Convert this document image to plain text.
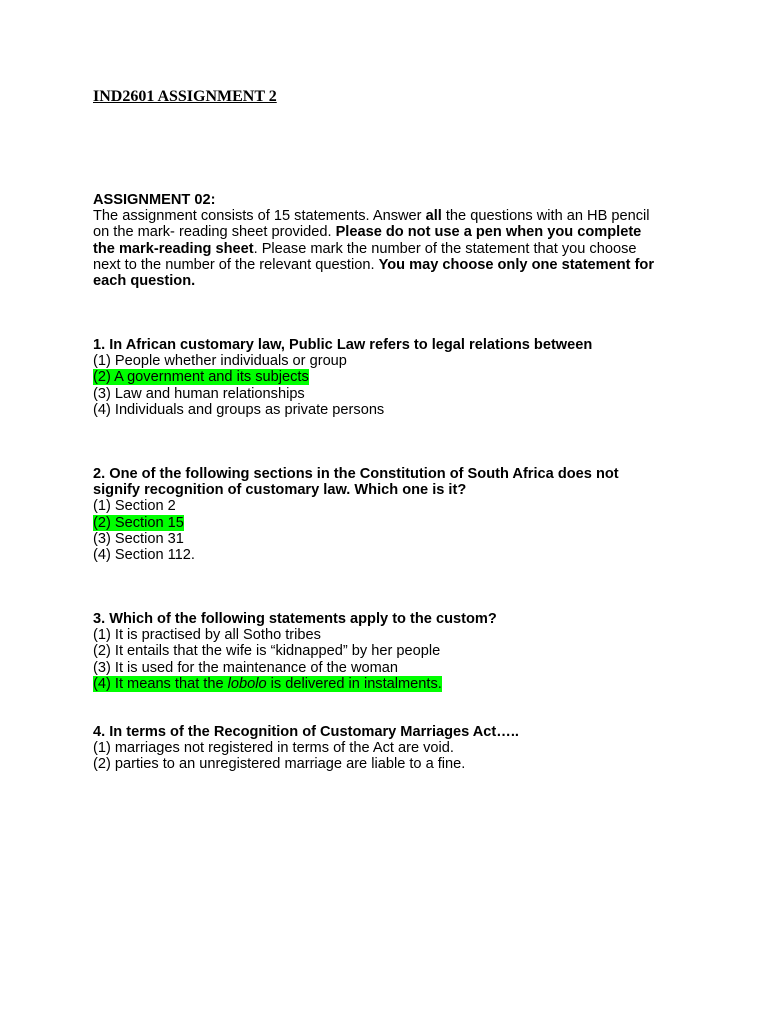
IND2601 ASSIGNMENT 2
ASSIGNMENT 02:
The assignment consists of 15 statements. Answer all the questions with an HB pencil
on the mark- reading sheet provided. Please do not use a pen when you complete
the mark-reading sheet. Please mark the number of the statement that you choose
next to the number of the relevant question. You may choose only one statement for
each question.
1. In African customary law, Public Law refers to legal relations between
(1) People whether individuals or group
(2) A government and its subjects
(3) Law and human relationships
(4) Individuals and groups as private persons
2. One of the following sections in the Constitution of South Africa does not
signify recognition of customary law. Which one is it?
(1) Section 2
(2) Section 15
(3) Section 31
(4) Section 112.
3. Which of the following statements apply to the custom?
(1) It is practised by all Sotho tribes
(2) It entails that the wife is “kidnapped” by her people
(3) It is used for the maintenance of the woman
(4) It means that the lobolo is delivered in instalments.
4. In terms of the Recognition of Customary Marriages Act…..
(1) marriages not registered in terms of the Act are void.
(2) parties to an unregistered marriage are liable to a fine.
